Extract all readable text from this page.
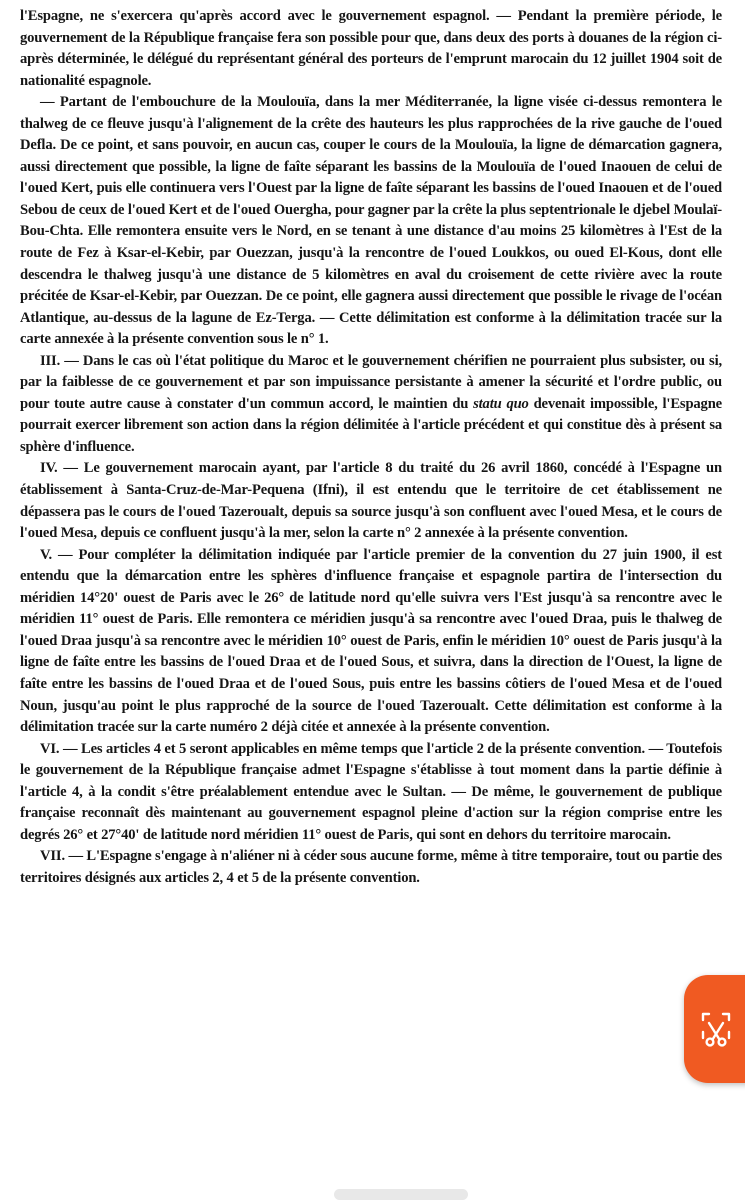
l'Espagne, ne s'exercera qu'après accord avec le gouvernement espagnol. — Pendant la première période, le gouvernement de la République française fera son possible pour que, dans deux des ports à douanes de la région ci-après déterminée, le délégué du représentant général des porteurs de l'emprunt marocain du 12 juillet 1904 soit de nationalité espagnole.

— Partant de l'embouchure de la Moulouïa, dans la mer Méditerranée, la ligne visée ci-dessus remontera le thalweg de ce fleuve jusqu'à l'alignement de la crête des hauteurs les plus rapprochées de la rive gauche de l'oued Defla. De ce point, et sans pouvoir, en aucun cas, couper le cours de la Moulouïa, la ligne de démarcation gagnera, aussi directement que possible, la ligne de faîte séparant les bassins de la Moulouïa de l'oued Inaouen de celui de l'oued Kert, puis elle continuera vers l'Ouest par la ligne de faîte séparant les bassins de l'oued Inaouen et de l'oued Sebou de ceux de l'oued Kert et de l'oued Ouergha, pour gagner par la crête la plus septentrionale le djebel Moulaï-Bou-Chta. Elle remontera ensuite vers le Nord, en se tenant à une distance d'au moins 25 kilomètres à l'Est de la route de Fez à Ksar-el-Kebir, par Ouezzan, jusqu'à la rencontre de l'oued Loukkos, ou oued El-Kous, dont elle descendra le thalweg jusqu'à une distance de 5 kilomètres en aval du croisement de cette rivière avec la route précitée de Ksar-el-Kebir, par Ouezzan. De ce point, elle gagnera aussi directement que possible le rivage de l'océan Atlantique, au-dessus de la lagune de Ez-Terga. — Cette délimitation est conforme à la délimitation tracée sur la carte annexée à la présente convention sous le n° 1.

III. — Dans le cas où l'état politique du Maroc et le gouvernement chérifien ne pourraient plus subsister, ou si, par la faiblesse de ce gouvernement et par son impuissance persistante à amener la sécurité et l'ordre public, ou pour toute autre cause à constater d'un commun accord, le maintien du statu quo devenait impossible, l'Espagne pourrait exercer librement son action dans la région délimitée à l'article précédent et qui constitue dès à présent sa sphère d'influence.

IV. — Le gouvernement marocain ayant, par l'article 8 du traité du 26 avril 1860, concédé à l'Espagne un établissement à Santa-Cruz-de-Mar-Pequena (Ifni), il est entendu que le territoire de cet établissement ne dépassera pas le cours de l'oued Tazeroualt, depuis sa source jusqu'à son confluent avec l'oued Mesa, et le cours de l'oued Mesa, depuis ce confluent jusqu'à la mer, selon la carte n° 2 annexée à la présente convention.

V. — Pour compléter la délimitation indiquée par l'article premier de la convention du 27 juin 1900, il est entendu que la démarcation entre les sphères d'influence française et espagnole partira de l'intersection du méridien 14°20' ouest de Paris avec le 26° de latitude nord qu'elle suivra vers l'Est jusqu'à sa rencontre avec le méridien 11° ouest de Paris. Elle remontera ce méridien jusqu'à sa rencontre avec l'oued Draa, puis le thalweg de l'oued Draa jusqu'à sa rencontre avec le méridien 10° ouest de Paris, enfin le méridien 10° ouest de Paris jusqu'à la ligne de faîte entre les bassins de l'oued Draa et de l'oued Sous, et suivra, dans la direction de l'Ouest, la ligne de faîte entre les bassins de l'oued Draa et de l'oued Sous, puis entre les bassins côtiers de l'oued Mesa et de l'oued Noun, jusqu'au point le plus rapproché de la source de l'oued Tazeroualt. Cette délimitation est conforme à la délimitation tracée sur la carte numéro 2 déjà citée et annexée à la présente convention.

VI. — Les articles 4 et 5 seront applicables en même temps que l'article 2 de la présente convention. — Toutefois le gouvernement de la République française admet l'Espagne s'établisse à tout moment dans la partie définie à l'article 4, à la condit s'être préalablement entendue avec le Sultan. — De même, le gouvernement de publique française reconnaît dès maintenant au gouvernement espagnol pleine d'action sur la région comprise entre les degrés 26° et 27°40' de latitude nord méridien 11° ouest de Paris, qui sont en dehors du territoire marocain.

VII. — L'Espagne s'engage à n'aliéner ni à céder sous aucune forme, même à titre temporaire, tout ou partie des territoires désignés aux articles 2, 4 et 5 de la présente convention.
